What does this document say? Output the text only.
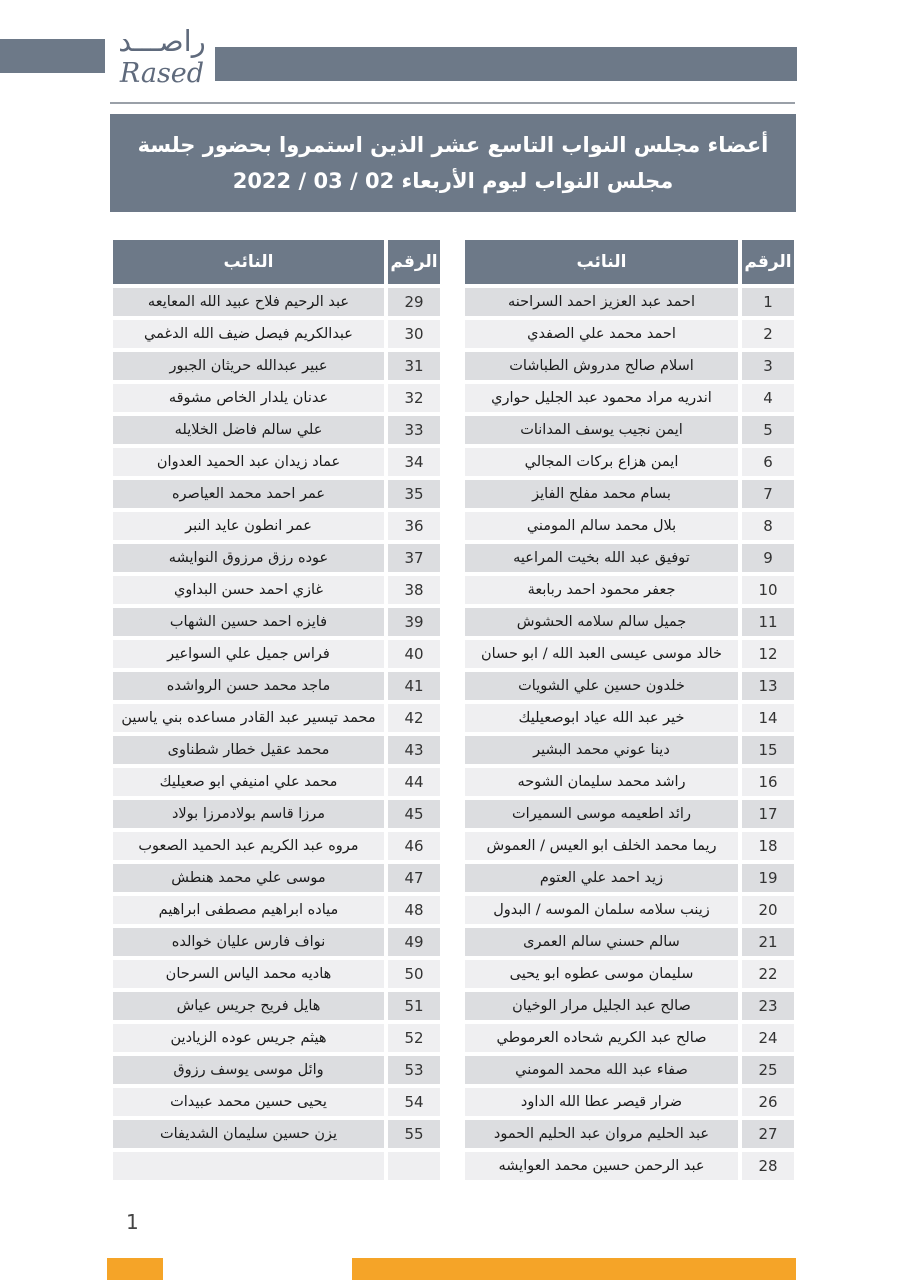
راصـــد
Rased
أعضاء مجلس النواب التاسع عشر الذين استمروا بحضور جلسة
مجلس النواب ليوم الأربعاء 02 / 03 / 2022
الرقم	النائب
1	احمد عبد العزيز احمد السراحنه
2	احمد محمد علي الصفدي
3	اسلام صالح مدروش الطباشات
4	اندريه مراد محمود عبد الجليل حواري
5	ايمن نجيب يوسف المدانات
6	ايمن هزاع بركات المجالي
7	بسام محمد مفلح الفايز
8	بلال محمد سالم المومني
9	توفيق عبد الله بخيت المراعيه
10	جعفر محمود احمد ربابعة
11	جميل سالم سلامه الحشوش
12	خالد موسى عيسى العبد الله / ابو حسان
13	خلدون حسين علي الشويات
14	خير عبد الله عياد ابوصعيليك
15	دينا عوني محمد البشير
16	راشد محمد سليمان الشوحه
17	رائد اطعيمه موسى السميرات
18	ريما محمد الخلف ابو العيس / العموش
19	زيد احمد علي العتوم
20	زينب سلامه سلمان الموسه / البدول
21	سالم حسني سالم العمرى
22	سليمان موسى عطوه ابو يحيى
23	صالح عبد الجليل مرار الوخيان
24	صالح عبد الكريم شحاده العرموطي
25	صفاء عبد الله محمد المومني
26	ضرار قيصر عطا الله الداود
27	عبد الحليم مروان عبد الحليم الحمود
28	عبد الرحمن حسين محمد العوايشه
الرقم	النائب
29	عبد الرحيم فلاح عبيد الله المعايعه
30	عبدالكريم فيصل ضيف الله الدغمي
31	عبير عبدالله حريثان الجبور
32	عدنان يلدار الخاص مشوقه
33	علي سالم فاضل الخلايله
34	عماد زيدان عبد الحميد العدوان
35	عمر احمد محمد العياصره
36	عمر انطون عايد النبر
37	عوده رزق مرزوق النوايشه
38	غازي احمد حسن البداوي
39	فايزه احمد حسين الشهاب
40	فراس جميل علي السواعير
41	ماجد محمد حسن الرواشده
42	محمد تيسير عبد القادر مساعده بني ياسين
43	محمد عقيل خطار شطناوى
44	محمد علي امنيفي ابو صعيليك
45	مرزا قاسم بولادمرزا بولاد
46	مروه عبد الكريم عبد الحميد الصعوب
47	موسى علي محمد هنطش
48	مياده ابراهيم مصطفى ابراهيم
49	نواف فارس عليان خوالده
50	هاديه محمد الياس السرحان
51	هايل فريح جريس عياش
52	هيثم جريس عوده الزيادين
53	وائل موسى يوسف رزوق
54	يحيى حسين محمد عبيدات
55	يزن حسين سليمان الشديفات

1
